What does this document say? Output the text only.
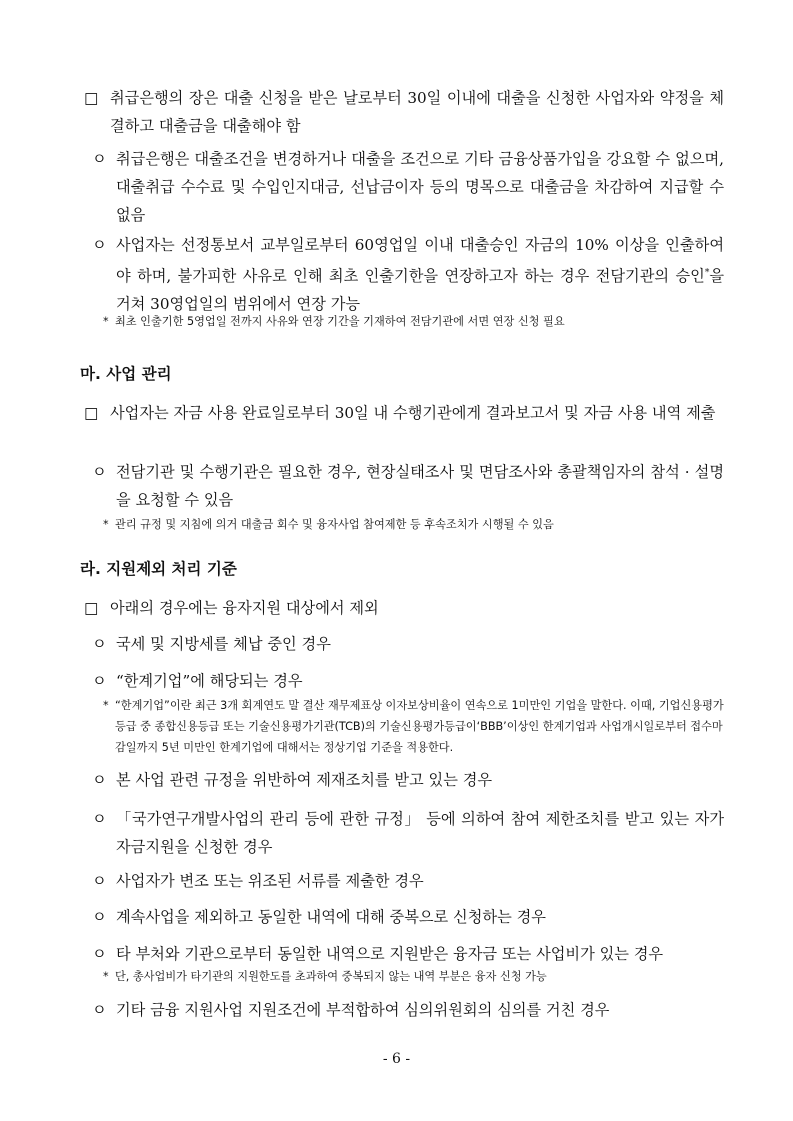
□ 취급은행의 장은 대출 신청을 받은 날로부터 30일 이내에 대출을 신청한 사업자와 약정을 체결하고 대출금을 대출해야 함

ㅇ 취급은행은 대출조건을 변경하거나 대출을 조건으로 기타 금융상품가입을 강요할 수 없으며, 대출취급 수수료 및 수입인지대금, 선납금이자 등의 명목으로 대출금을 차감하여 지급할 수 없음

ㅇ 사업자는 선정통보서 교부일로부터 60영업일 이내 대출승인 자금의 10% 이상을 인출하여야 하며, 불가피한 사유로 인해 최초 인출기한을 연장하고자 하는 경우 전담기관의 승인*을 거쳐 30영업일의 범위에서 연장 가능

* 최초 인출기한 5영업일 전까지 사유와 연장 기간을 기재하여 전담기관에 서면 연장 신청 필요

마. 사업 관리

□ 사업자는 자금 사용 완료일로부터 30일 내 수행기관에게 결과보고서 및 자금 사용 내역 제출

ㅇ 전담기관 및 수행기관은 필요한 경우, 현장실태조사 및 면담조사와 총괄책임자의 참석 · 설명을 요청할 수 있음

* 관리 규정 및 지침에 의거 대출금 회수 및 융자사업 참여제한 등 후속조치가 시행될 수 있음

라. 지원제외 처리 기준

□ 아래의 경우에는 융자지원 대상에서 제외

ㅇ 국세 및 지방세를 체납 중인 경우

ㅇ “한계기업”에 해당되는 경우

* “한계기업”이란 최근 3개 회계연도 말 결산 재무제표상 이자보상비율이 연속으로 1미만인 기업을 말한다. 이때, 기업신용평가등급 중 종합신용등급 또는 기술신용평가기관(TCB)의 기술신용평가등급이‘BBB’이상인 한계기업과 사업개시일로부터 접수마감일까지 5년 미만인 한계기업에 대해서는 정상기업 기준을 적용한다.

ㅇ 본 사업 관련 규정을 위반하여 제재조치를 받고 있는 경우

ㅇ 「국가연구개발사업의 관리 등에 관한 규정」 등에 의하여 참여 제한조치를 받고 있는 자가 자금지원을 신청한 경우

ㅇ 사업자가 변조 또는 위조된 서류를 제출한 경우

ㅇ 계속사업을 제외하고 동일한 내역에 대해 중복으로 신청하는 경우

ㅇ 타 부처와 기관으로부터 동일한 내역으로 지원받은 융자금 또는 사업비가 있는 경우

* 단, 총사업비가 타기관의 지원한도를 초과하여 중복되지 않는 내역 부분은 융자 신청 가능

ㅇ 기타 금융 지원사업 지원조건에 부적합하여 심의위원회의 심의를 거친 경우

- 6 -
